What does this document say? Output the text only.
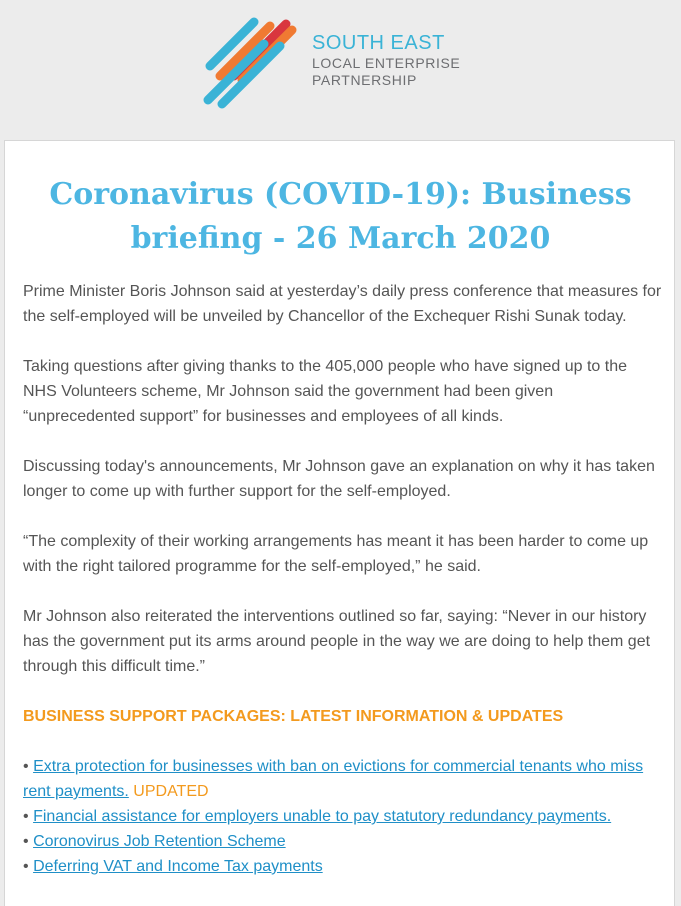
SOUTH EAST
LOCAL ENTERPRISE
PARTNERSHIP
Coronavirus (COVID-19): Business briefing - 26 March 2020

Prime Minister Boris Johnson said at yesterday’s daily press conference that measures for the self-employed will be unveiled by Chancellor of the Exchequer Rishi Sunak today.

Taking questions after giving thanks to the 405,000 people who have signed up to the NHS Volunteers scheme, Mr Johnson said the government had been given “unprecedented support” for businesses and employees of all kinds.

Discussing today's announcements, Mr Johnson gave an explanation on why it has taken longer to come up with further support for the self-employed.

“The complexity of their working arrangements has meant it has been harder to come up with the right tailored programme for the self-employed,” he said.

Mr Johnson also reiterated the interventions outlined so far, saying: “Never in our history has the government put its arms around people in the way we are doing to help them get through this difficult time.”

BUSINESS SUPPORT PACKAGES: LATEST INFORMATION & UPDATES
• Extra protection for businesses with ban on evictions for commercial tenants who miss rent payments. UPDATED
• Financial assistance for employers unable to pay statutory redundancy payments.
• Coronovirus Job Retention Scheme
• Deferring VAT and Income Tax payments
